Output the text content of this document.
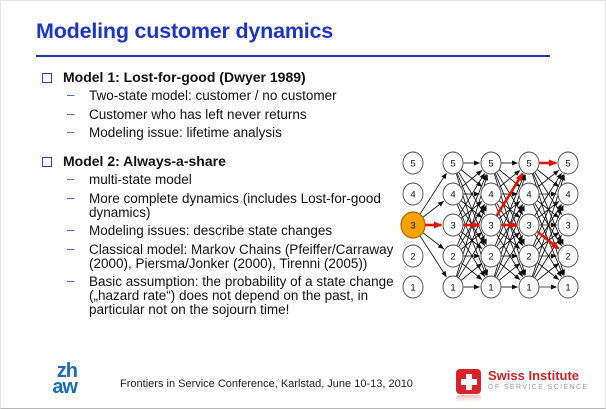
Modeling customer dynamics
Model 1: Lost-for-good (Dwyer 1989)
– Two-state model: customer / no customer
– Customer who has left never returns
– Modeling issue: lifetime analysis
Model 2: Always-a-share
– multi-state model
– More complete dynamics (includes Lost-for-good dynamics)
– Modeling issues: describe state changes
– Classical model: Markov Chains (Pfeiffer/Carraway (2000), Piersma/Jonker (2000), Tirenni (2005))
– Basic assumption: the probability of a state change („hazard rate“) does not depend on the past, in particular not on the sojourn time!
5
4
3
2
1
5
4
3
2
1
5
4
3
2
1
5
4
3
2
1
5
4
3
2
1
Frontiers in Service Conference, Karlstad, June 10-13, 2010
zh
aw
Swiss Institute
OF SERVICE SCIENCE
